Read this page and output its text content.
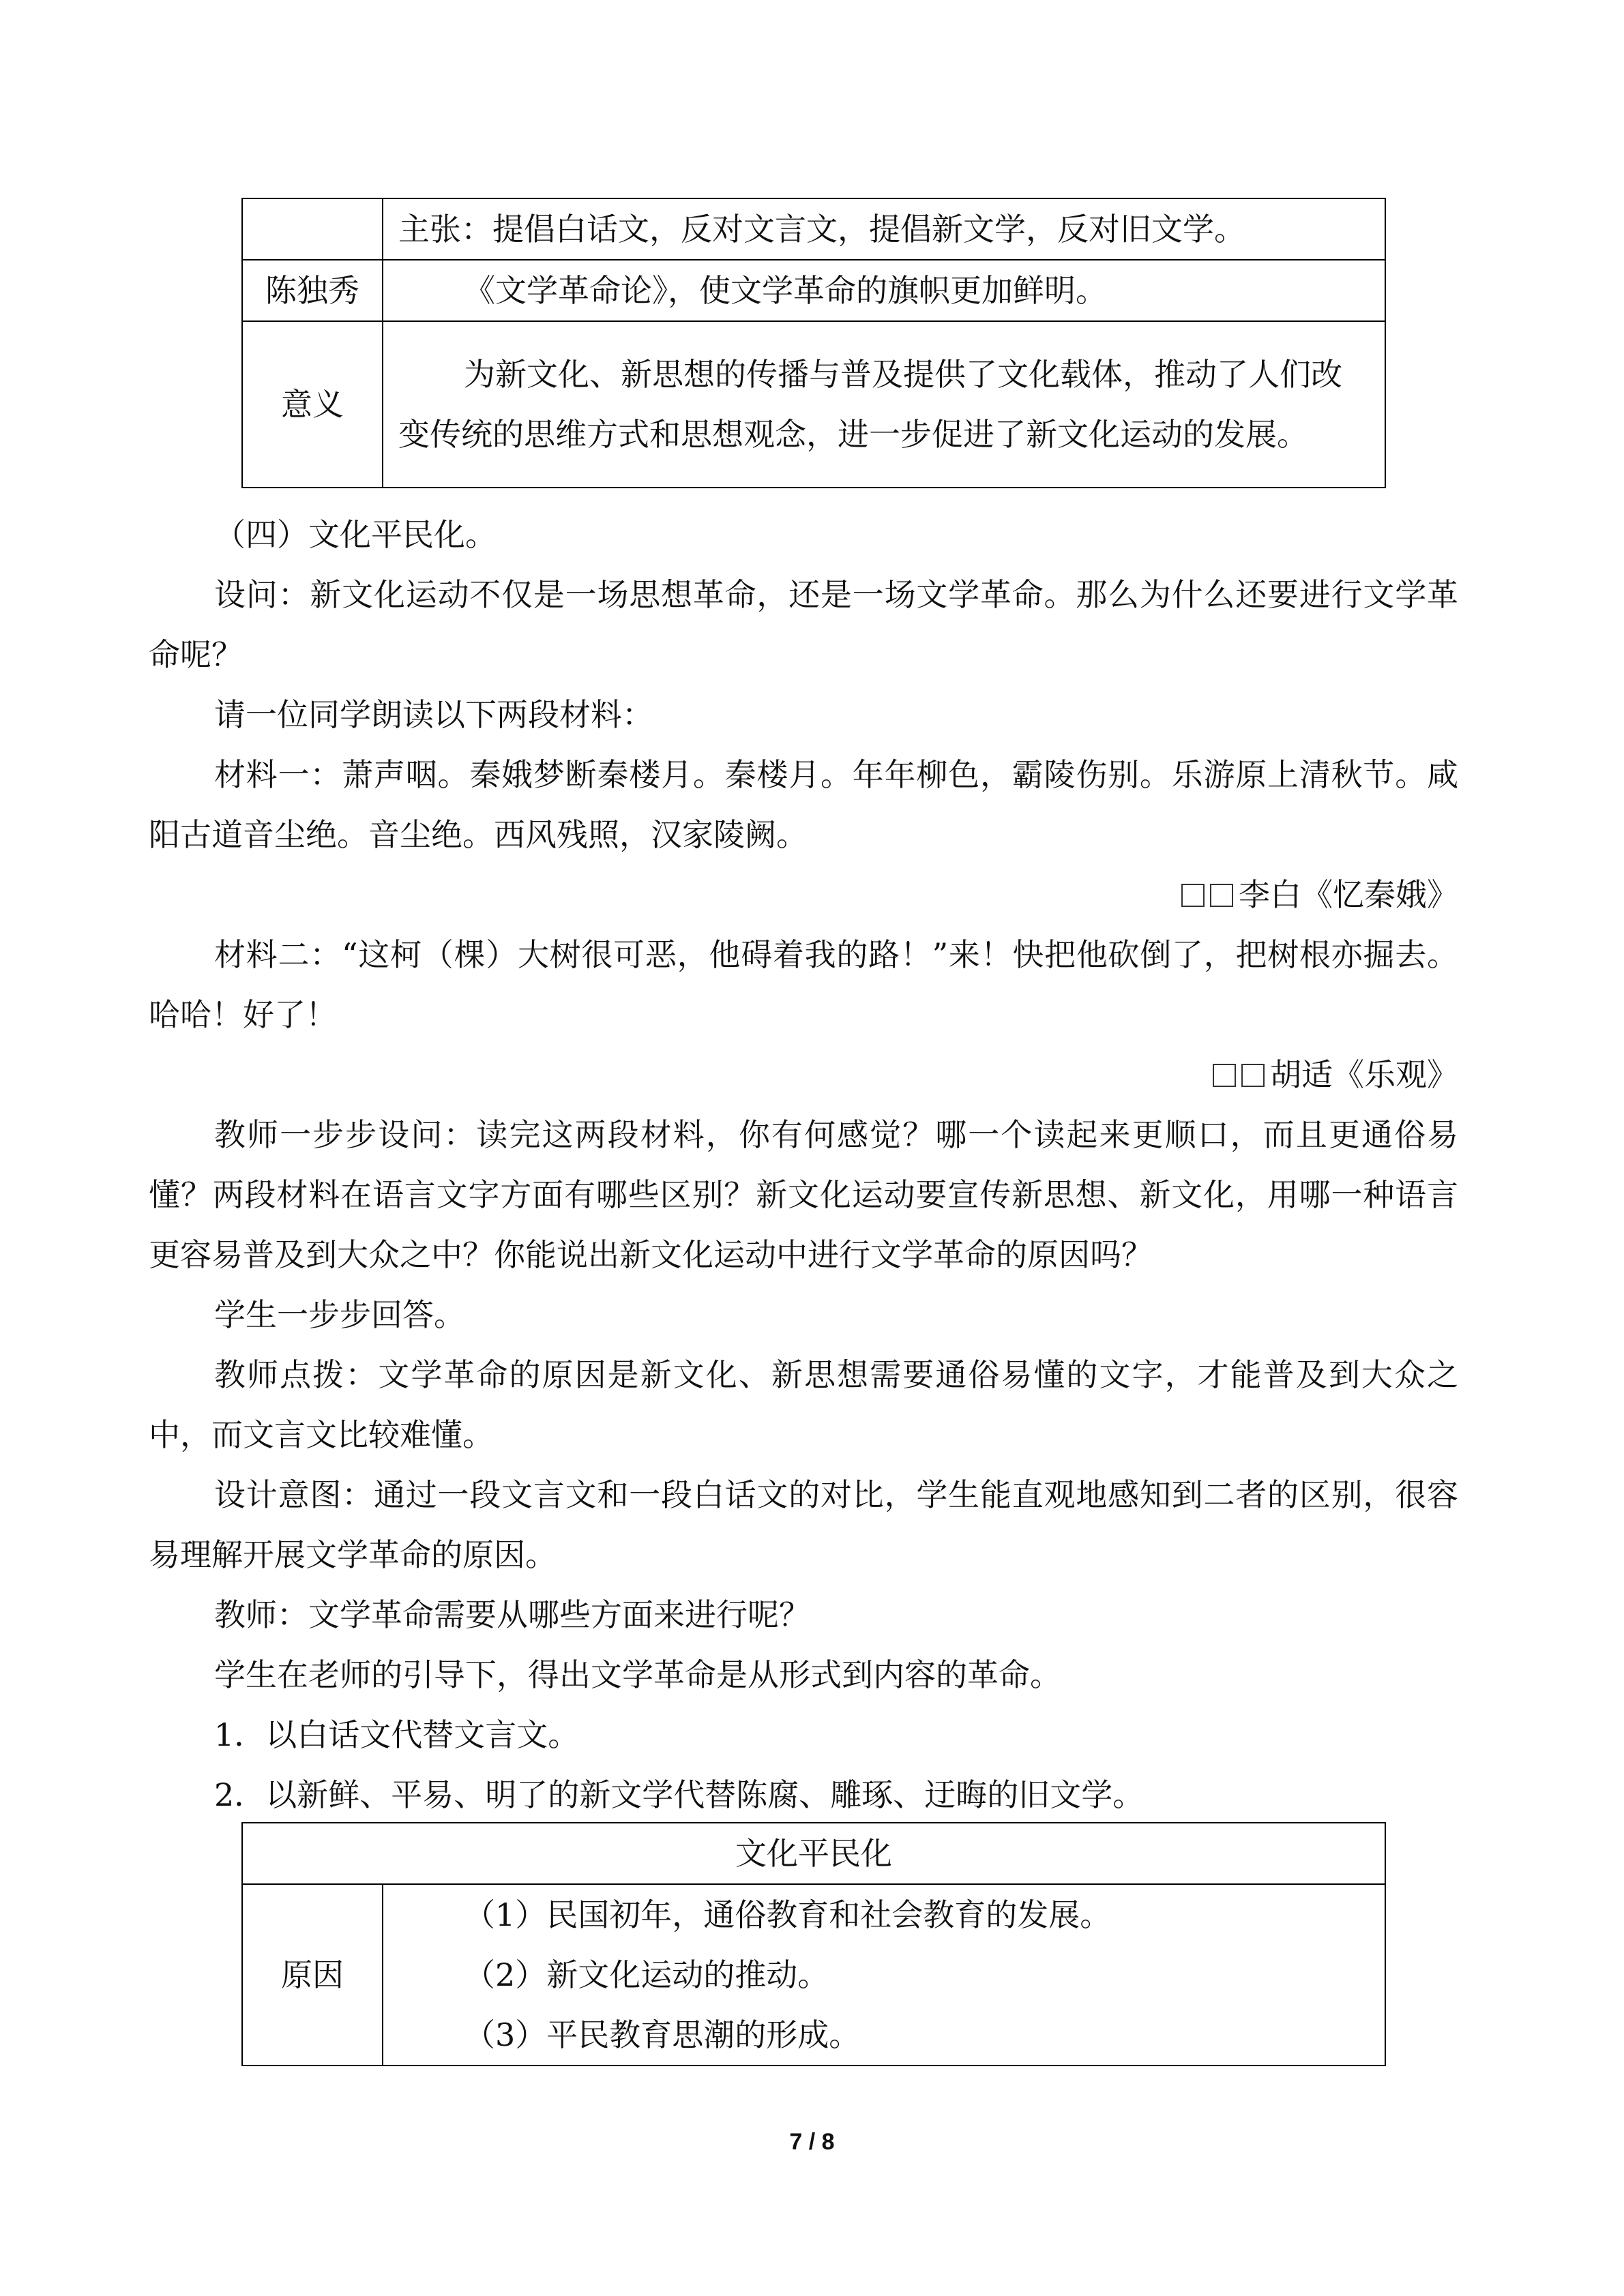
	主张：提倡白话文，反对文言文，提倡新文学，反对旧文学。
陈独秀	《文学革命论》，使文学革命的旗帜更加鲜明。
意义	为新文化、新思想的传播与普及提供了文化载体，推动了人们改变传统的思维方式和思想观念，进一步促进了新文化运动的发展。

（四）文化平民化。

设问：新文化运动不仅是一场思想革命，还是一场文学革命。那么为什么还要进行文学革命呢？

请一位同学朗读以下两段材料：

材料一：萧声咽。秦娥梦断秦楼月。秦楼月。年年柳色，霸陵伤别。乐游原上清秋节。咸阳古道音尘绝。音尘绝。西风残照，汉家陵阙。

李白《忆秦娥》

材料二：“这柯（棵）大树很可恶，他碍着我的路！”来！快把他砍倒了，把树根亦掘去。哈哈！好了！

胡适《乐观》

教师一步步设问：读完这两段材料，你有何感觉？哪一个读起来更顺口，而且更通俗易懂？两段材料在语言文字方面有哪些区别？新文化运动要宣传新思想、新文化，用哪一种语言更容易普及到大众之中？你能说出新文化运动中进行文学革命的原因吗？

学生一步步回答。

教师点拨：文学革命的原因是新文化、新思想需要通俗易懂的文字，才能普及到大众之中，而文言文比较难懂。

设计意图：通过一段文言文和一段白话文的对比，学生能直观地感知到二者的区别，很容易理解开展文学革命的原因。

教师：文学革命需要从哪些方面来进行呢？

学生在老师的引导下，得出文学革命是从形式到内容的革命。

1．以白话文代替文言文。

2．以新鲜、平易、明了的新文学代替陈腐、雕琢、迂晦的旧文学。

文化平民化
原因	
（1）民国初年，通俗教育和社会教育的发展。
（2）新文化运动的推动。
（3）平民教育思潮的形成。
7 / 8
